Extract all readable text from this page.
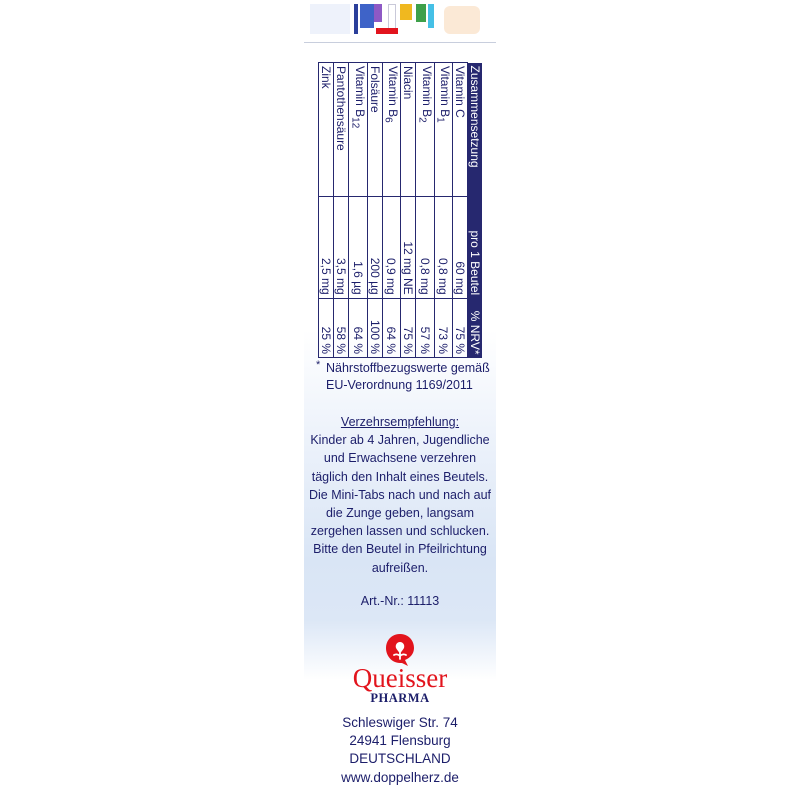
Zusammensetzung	pro 1 Beutel	% NRV*
Vitamin C	60 mg	75 %
Vitamin $B_1$	0,8 mg	73 %
Vitamin $B_2$	0,8 mg	57 %
Niacin	12 mg NE	75 %
Vitamin $B_6$	0,9 mg	64 %
Folsäure	200 µg	100 %
Vitamin $B_{12}$	1,6 µg	64 %
Pantothensäure	3,5 mg	58 %
Zink	2,5 mg	25 %
* Nährstoffbezugswerte gemäß
EU-Verordnung 1169/2011
Verzehrsempfehlung:
Kinder ab 4 Jahren, Jugendliche
und Erwachsene verzehren
täglich den Inhalt eines Beutels.
Die Mini-Tabs nach und nach auf
die Zunge geben, langsam
zergehen lassen und schlucken.
Bitte den Beutel in Pfeilrichtung
aufreißen.
Art.-Nr.: 11113
Queisser
PHARMA
Schleswiger Str. 74
24941 Flensburg
DEUTSCHLAND
www.doppelherz.de
